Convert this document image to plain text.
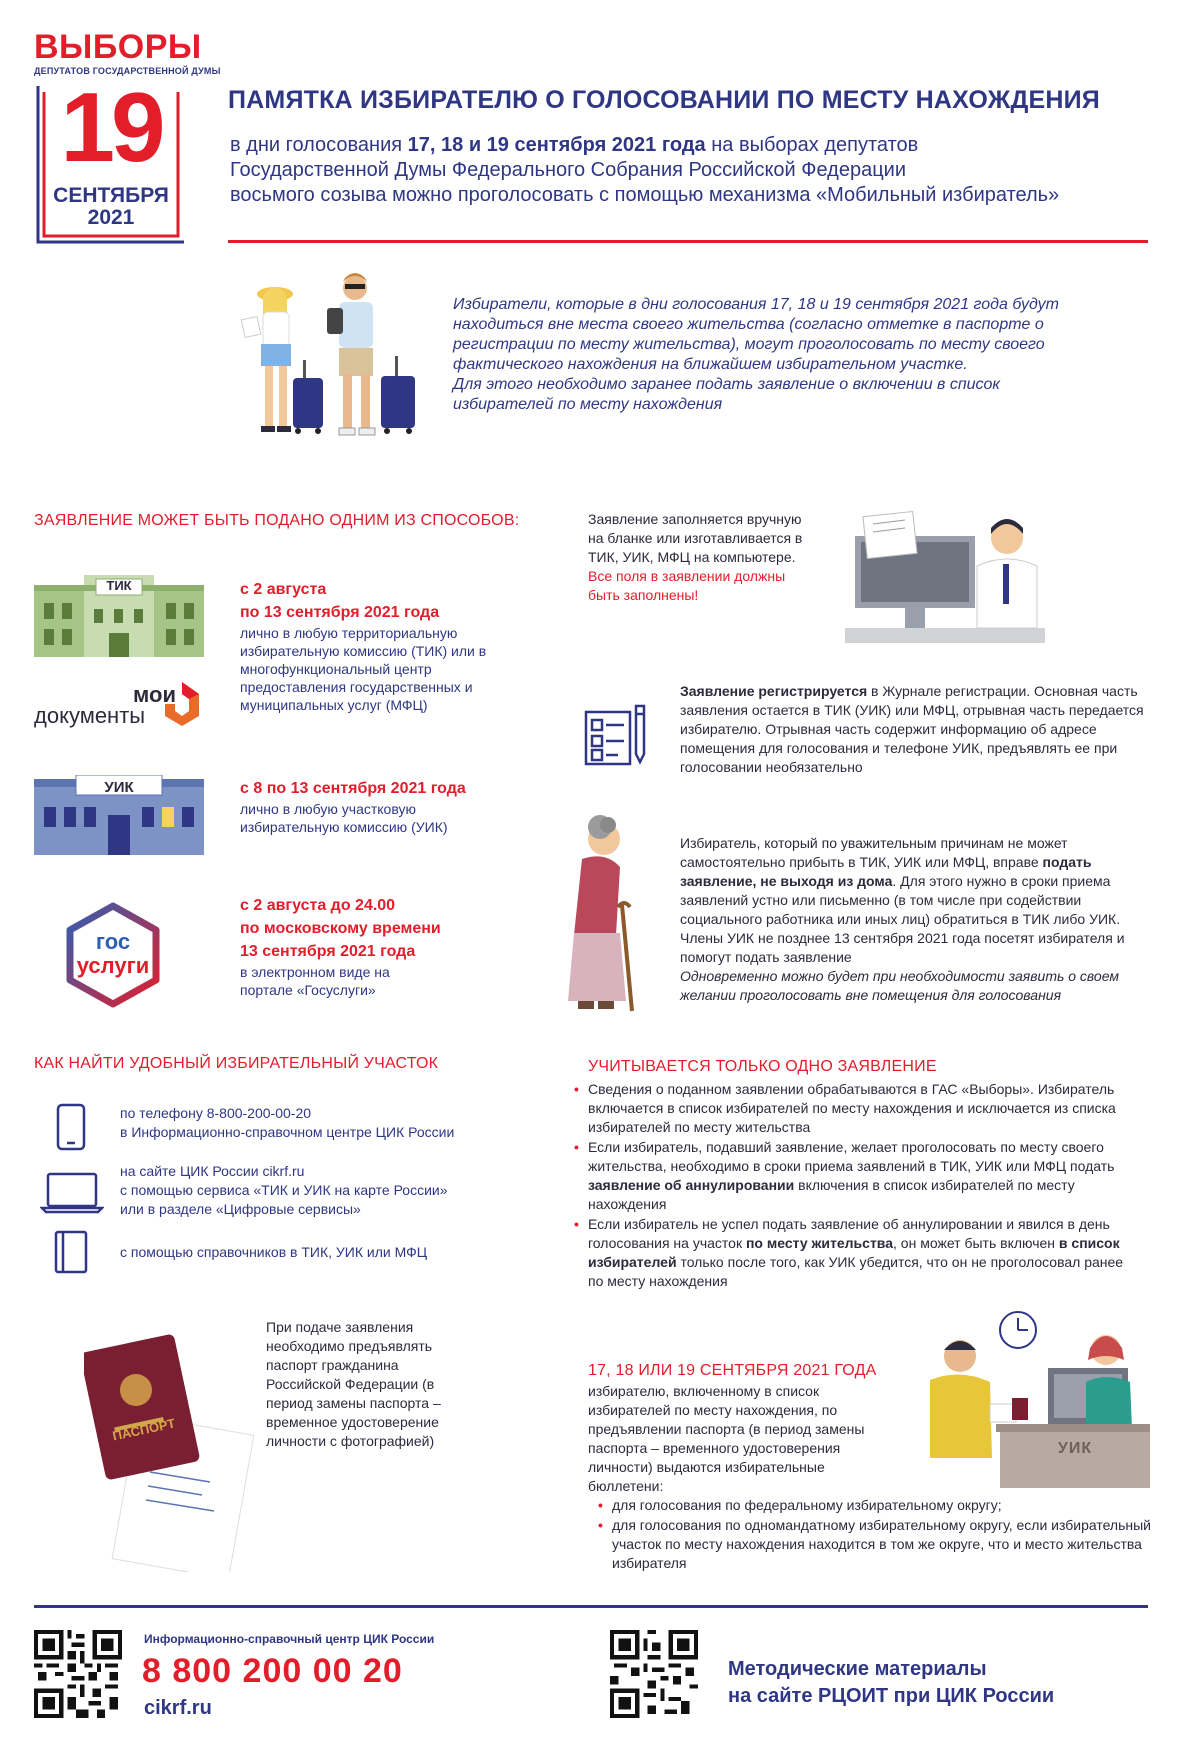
ВЫБОРЫ
ДЕПУТАТОВ ГОСУДАРСТВЕННОЙ ДУМЫ
19
СЕНТЯБРЯ
2021
ПАМЯТКА ИЗБИРАТЕЛЮ О ГОЛОСОВАНИИ ПО МЕСТУ НАХОЖДЕНИЯ
в дни голосования 17, 18 и 19 сентября 2021 года на выборах депутатов
Государственной Думы Федерального Собрания Российской Федерации
восьмого созыва можно проголосовать с помощью механизма «Мобильный избиратель»

Избиратели, которые в дни голосования 17, 18 и 19 сентября 2021 года будут находиться вне места своего жительства (согласно отметке в паспорте о регистрации по месту жительства), могут проголосовать по месту своего фактического нахождения на ближайшем избирательном участке.

Для этого необходимо заранее подать заявление о включении в список избирателей по месту нахождения

ЗАЯВЛЕНИЕ МОЖЕТ БЫТЬ ПОДАНО ОДНИМ ИЗ СПОСОБОВ:
ТИК
мои
документы
с 2 августа
по 13 сентября 2021 года
лично в любую территориальную избирательную комиссию (ТИК) или в многофункциональный центр предоставления государственных и муниципальных услуг (МФЦ)
УИК	с 8 по 13 сентября 2021 года
лично в любую участковую избирательную комиссию (УИК)
гос
услуги
с 2 августа до 24.00
по московскому времени
13 сентября 2021 года
в электронном виде на портале «Госуслуги»
Заявление заполняется вручную на бланке или изготавливается в ТИК, УИК, МФЦ на компьютере.
Все поля в заявлении должны быть заполнены!
Заявление регистрируется в Журнале регистрации. Основная часть заявления остается в ТИК (УИК) или МФЦ, отрывная часть передается избирателю. Отрывная часть содержит информацию об адресе помещения для голосования и телефоне УИК, предъявлять ее при голосовании необязательно
Избиратель, который по уважительным причинам не может самостоятельно прибыть в ТИК, УИК или МФЦ, вправе подать заявление, не выходя из дома. Для этого нужно в сроки приема заявлений устно или письменно (в том числе при содействии социального работника или иных лиц) обратиться в ТИК либо УИК. Члены УИК не позднее 13 сентября 2021 года посетят избирателя и помогут подать заявление
Одновременно можно будет при необходимости заявить о своем желании проголосовать вне помещения для голосования
КАК НАЙТИ УДОБНЫЙ ИЗБИРАТЕЛЬНЫЙ УЧАСТОК
по телефону 8-800-200-00-20
в Информационно-справочном центре ЦИК России
на сайте ЦИК России cikrf.ru
с помощью сервиса «ТИК и УИК на карте России»
или в разделе «Цифровые сервисы»
с помощью справочников в ТИК, УИК или МФЦ
УЧИТЫВАЕТСЯ ТОЛЬКО ОДНО ЗАЯВЛЕНИЕ
• Сведения о поданном заявлении обрабатываются в ГАС «Выборы». Избиратель включается в список избирателей по месту нахождения и исключается из списка избирателей по месту жительства
• Если избиратель, подавший заявление, желает проголосовать по месту своего жительства, необходимо в сроки приема заявлений в ТИК, УИК или МФЦ подать заявление об аннулировании включения в список избирателей по месту нахождения
• Если избиратель не успел подать заявление об аннулировании и явился в день голосования на участок по месту жительства, он может быть включен в список избирателей только после того, как УИК убедится, что он не проголосовал ранее по месту нахождения
ПАСПОРТ
При подаче заявления необходимо предъявлять паспорт гражданина Российской Федерации (в период замены паспорта – временное удостоверение личности с фотографией)
17, 18 ИЛИ 19 СЕНТЯБРЯ 2021 ГОДА
избирателю, включенному в список избирателей по месту нахождения, по предъявлении паспорта (в период замены паспорта – временного удостоверения личности) выдаются избирательные бюллетени:
• для голосования по федеральному избирательному округу;
• для голосования по одномандатному избирательному округу, если избирательный участок по месту нахождения находится в том же округе, что и место жительства избирателя
УИК
Информационно-справочный центр ЦИК России
8 800 200 00 20
cikrf.ru
Методические материалы
на сайте РЦОИТ при ЦИК России
